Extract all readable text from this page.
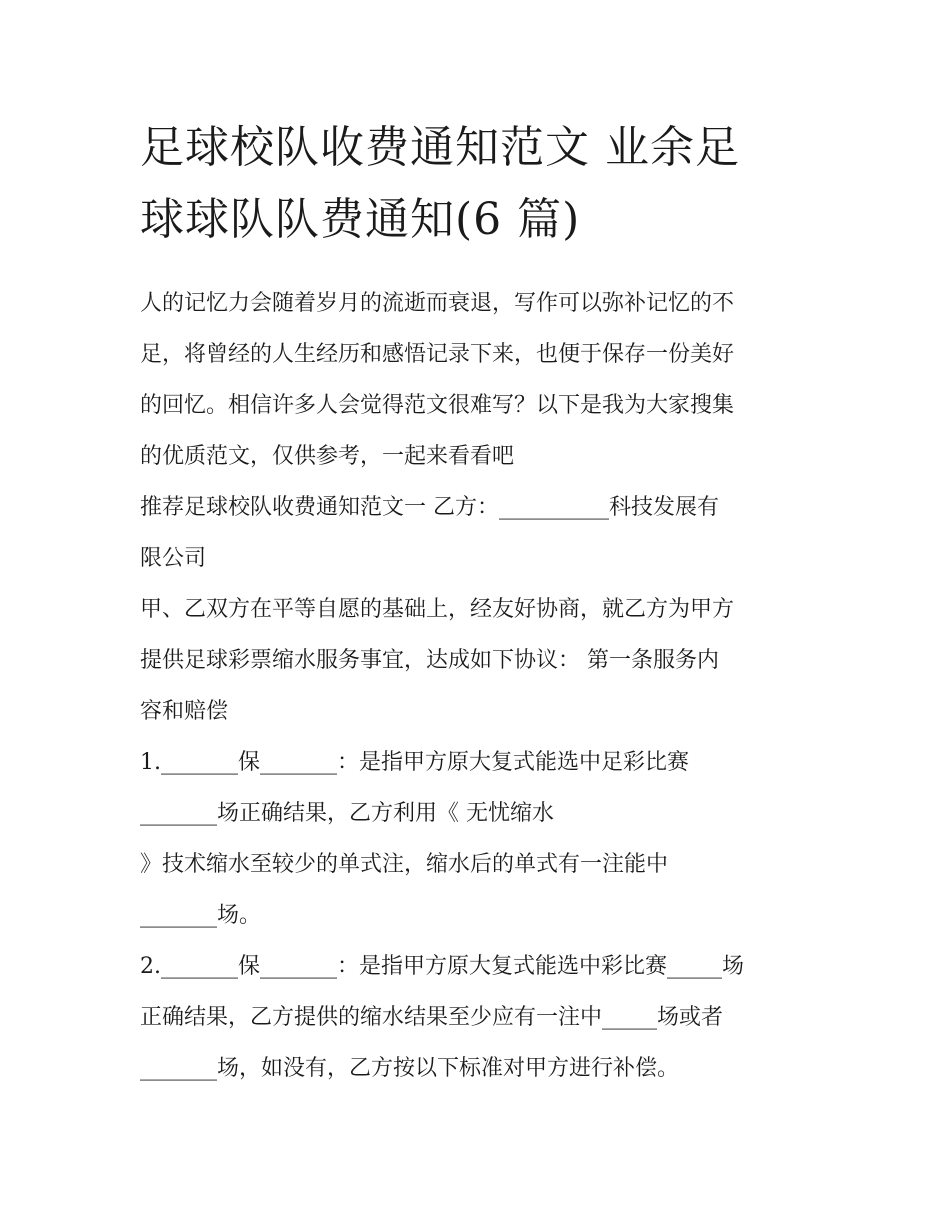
足球校队收费通知范文 业余足
球球队队费通知(6 篇)
人的记忆力会随着岁月的流逝而衰退，写作可以弥补记忆的不
足，将曾经的人生经历和感悟记录下来，也便于保存一份美好
的回忆。相信许多人会觉得范文很难写？以下是我为大家搜集
的优质范文，仅供参考，一起来看看吧
推荐足球校队收费通知范文一 乙方：__________科技发展有
限公司
甲、乙双方在平等自愿的基础上，经友好协商，就乙方为甲方
提供足球彩票缩水服务事宜，达成如下协议： 第一条服务内
容和赔偿
1._______保_______：是指甲方原大复式能选中足彩比赛
_______场正确结果，乙方利用《 无忧缩水
》技术缩水至较少的单式注，缩水后的单式有一注能中
_______场。
2._______保_______：是指甲方原大复式能选中彩比赛_____场
正确结果，乙方提供的缩水结果至少应有一注中_____场或者
_______场，如没有，乙方按以下标准对甲方进行补偿。
